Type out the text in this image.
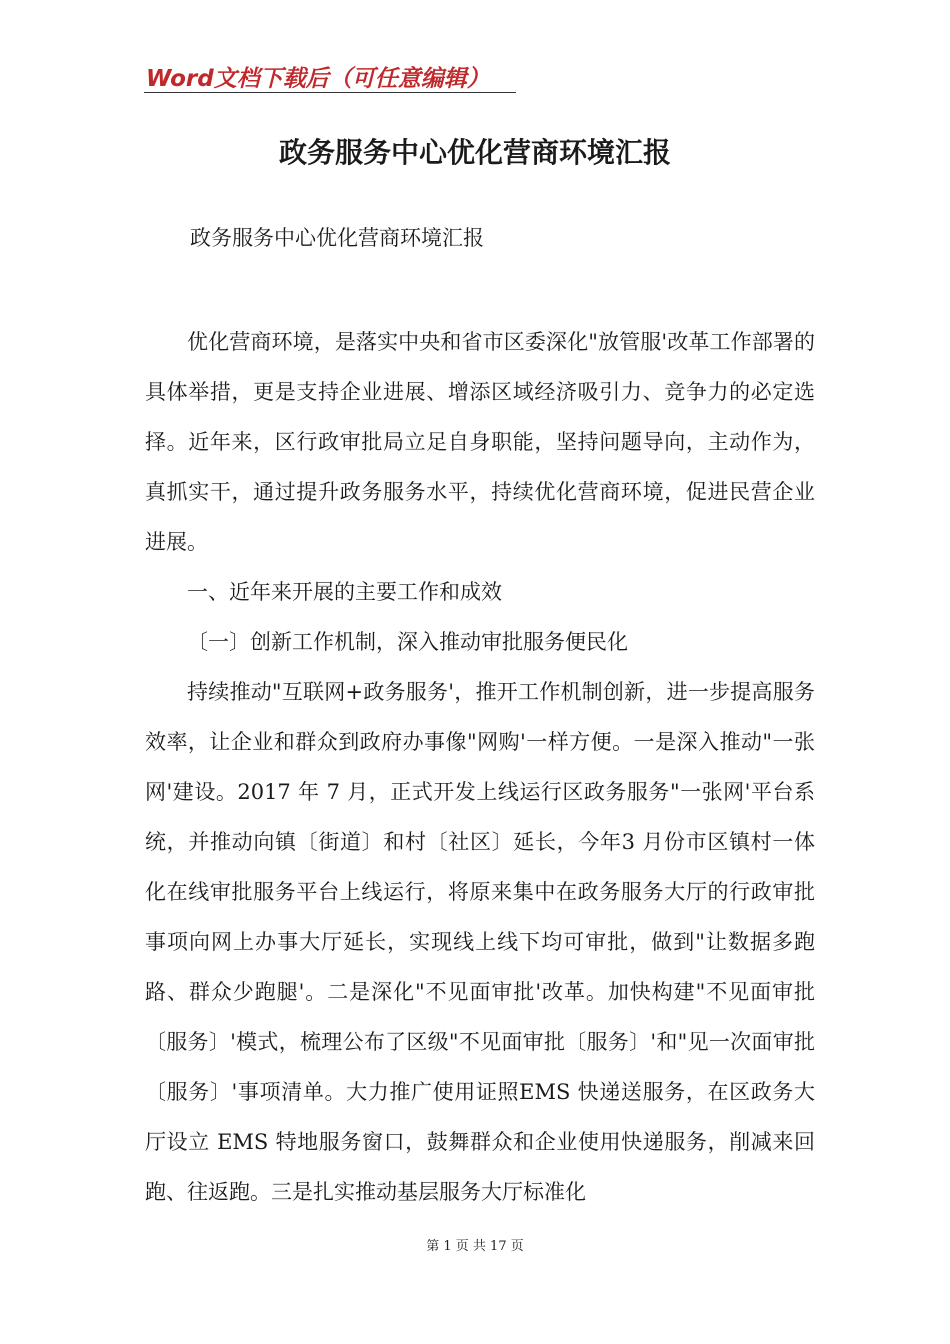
Word文档下载后（可任意编辑）
政务服务中心优化营商环境汇报
政务服务中心优化营商环境汇报

优化营商环境，是落实中央和省市区委深化"放管服'改革工作部署的具体举措，更是支持企业进展、增添区域经济吸引力、竞争力的必定选择。近年来，区行政审批局立足自身职能，坚持问题导向，主动作为，真抓实干，通过提升政务服务水平，持续优化营商环境，促进民营企业进展。

一、近年来开展的主要工作和成效

〔一〕创新工作机制，深入推动审批服务便民化

持续推动"互联网+政务服务'，推开工作机制创新，进一步提高服务效率，让企业和群众到政府办事像"网购'一样方便。一是深入推动"一张网'建设。2017 年 7 月，正式开发上线运行区政务服务"一张网'平台系统，并推动向镇〔街道〕和村〔社区〕延长，今年3 月份市区镇村一体化在线审批服务平台上线运行，将原来集中在政务服务大厅的行政审批事项向网上办事大厅延长，实现线上线下均可审批，做到"让数据多跑路、群众少跑腿'。二是深化"不见面审批'改革。加快构建"不见面审批〔服务〕'模式，梳理公布了区级"不见面审批〔服务〕'和"见一次面审批〔服务〕'事项清单。大力推广使用证照EMS 快递送服务，在区政务大厅设立 EMS 特地服务窗口，鼓舞群众和企业使用快递服务，削减来回跑、往返跑。三是扎实推动基层服务大厅标准化

第 1 页 共 17 页
